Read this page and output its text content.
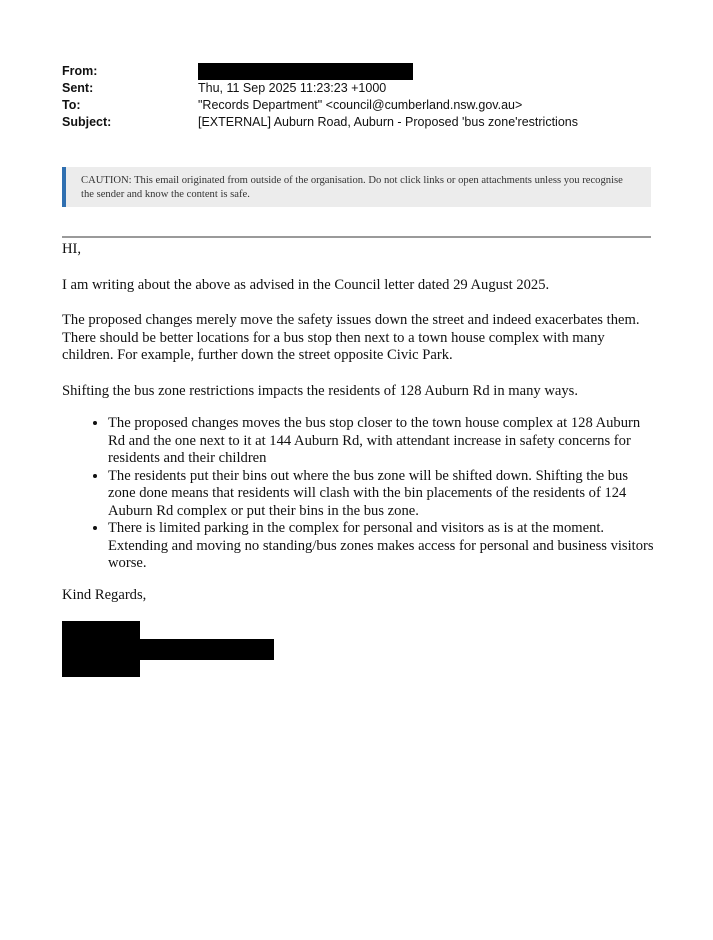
From:
Sent:	Thu, 11 Sep 2025 11:23:23 +1000
To:	"Records Department" <council@cumberland.nsw.gov.au>
Subject:	[EXTERNAL] Auburn Road, Auburn - Proposed 'bus zone'restrictions
CAUTION: This email originated from outside of the organisation. Do not click links or open attachments unless you recognise the sender and know the content is safe.

HI,

I am writing about the above as advised in the Council letter dated 29 August 2025.

The proposed changes merely move the safety issues down the street and indeed exacerbates them. There should be better locations for a bus stop then next to a town house complex with many children. For example, further down the street opposite Civic Park.

Shifting the bus zone restrictions impacts the residents of 128 Auburn Rd in many ways.

• The proposed changes moves the bus stop closer to the town house complex at 128 Auburn Rd and the one next to it at 144 Auburn Rd, with attendant increase in safety concerns for residents and their children
• The residents put their bins out where the bus zone will be shifted down. Shifting the bus zone done means that residents will clash with the bin placements of the residents of 124 Auburn Rd complex or put their bins in the bus zone.
• There is limited parking in the complex for personal and visitors as is at the moment. Extending and moving no standing/bus zones makes access for personal and business visitors worse.

Kind Regards,
